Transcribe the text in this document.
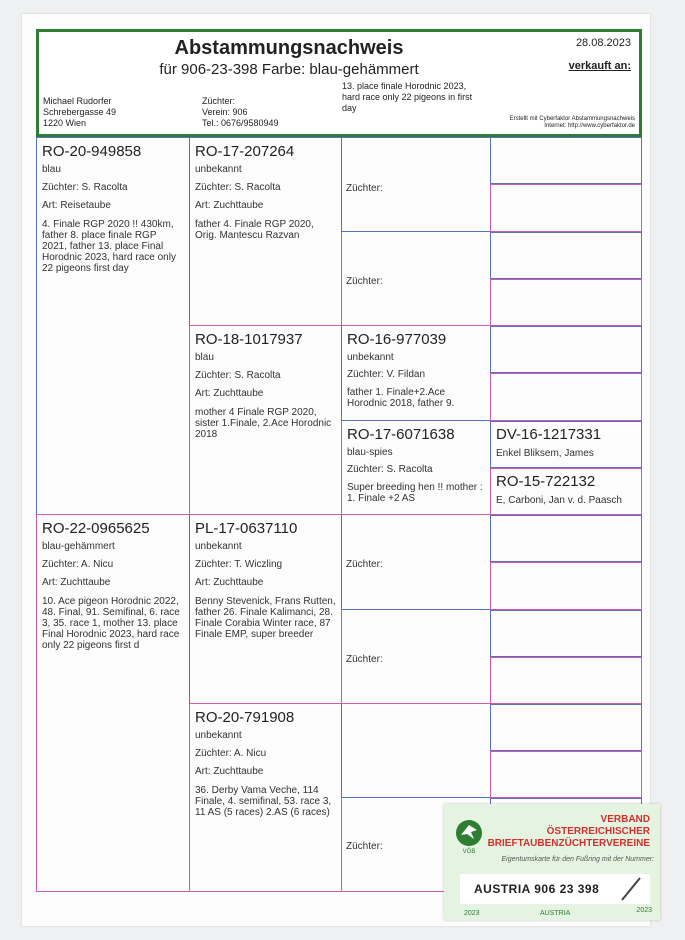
Abstammungsnachweis
für 906-23-398 Farbe: blau-gehämmert
28.08.2023
verkauft an:
Michael Rudorfer
Schrebergasse 49
1220 Wien
Züchter:
Verein: 906
Tel.: 0676/9580949
13. place finale Horodnic 2023, hard race only 22 pigeons in first day
Erstellt mit Cyberfaktor Abstammungsnachweis
Internet: http://www.cyberfaktor.de
RO-20-949858
blau
Züchter: S. Racolta
Art: Reisetaube
4. Finale RGP 2020 !! 430km, father 8. place finale RGP 2021, father 13. place Final Horodnic 2023, hard race only 22 pigeons first day
RO-22-0965625
blau-gehämmert
Züchter: A. Nicu
Art: Zuchttaube
10. Ace pigeon Horodnic 2022, 48. Final, 91. Semifinal, 6. race 3, 35. race 1, mother 13. place Final Horodnic 2023, hard race only 22 pigeons first d
RO-17-207264
unbekannt
Züchter: S. Racolta
Art: Zuchttaube
father 4. Finale RGP 2020, Orig. Mantescu Razvan
RO-18-1017937
blau
Züchter: S. Racolta
Art: Zuchttaube
mother 4 Finale RGP 2020, sister 1.Finale, 2.Ace Horodnic 2018
PL-17-0637110
unbekannt
Züchter: T. Wiczling
Art: Zuchttaube
Benny Stevenick, Frans Rutten, father 26. Finale Kalimanci, 28. Finale Corabia Winter race, 87 Finale EMP, super breeder
RO-20-791908
unbekannt
Züchter: A. Nicu
Art: Zuchttaube
36. Derby Vama Veche, 114 Finale, 4. semifinal, 53. race 3, 11 AS (5 races) 2.AS (6 races)
Züchter:
Züchter:
RO-16-977039
unbekannt
Züchter: V. Fildan
father 1. Finale+2.Ace Horodnic 2018, father 9.
RO-17-6071638
blau-spies
Züchter: S. Racolta
Super breeding hen !! mother : 1. Finale +2 AS
Züchter:
Züchter:
Züchter:
DV-16-1217331
Enkel Bliksem, James
RO-15-722132
E, Carboni, Jan v. d. Paasch
VÖB
VERBAND
ÖSTERREICHISCHER
BRIEFTAUBENZÜCHTERVEREINE
Eigentumskarte für den Fußring mit der Nummer:
AUSTRIA 906 23 398
2023	AUSTRIA	2023
